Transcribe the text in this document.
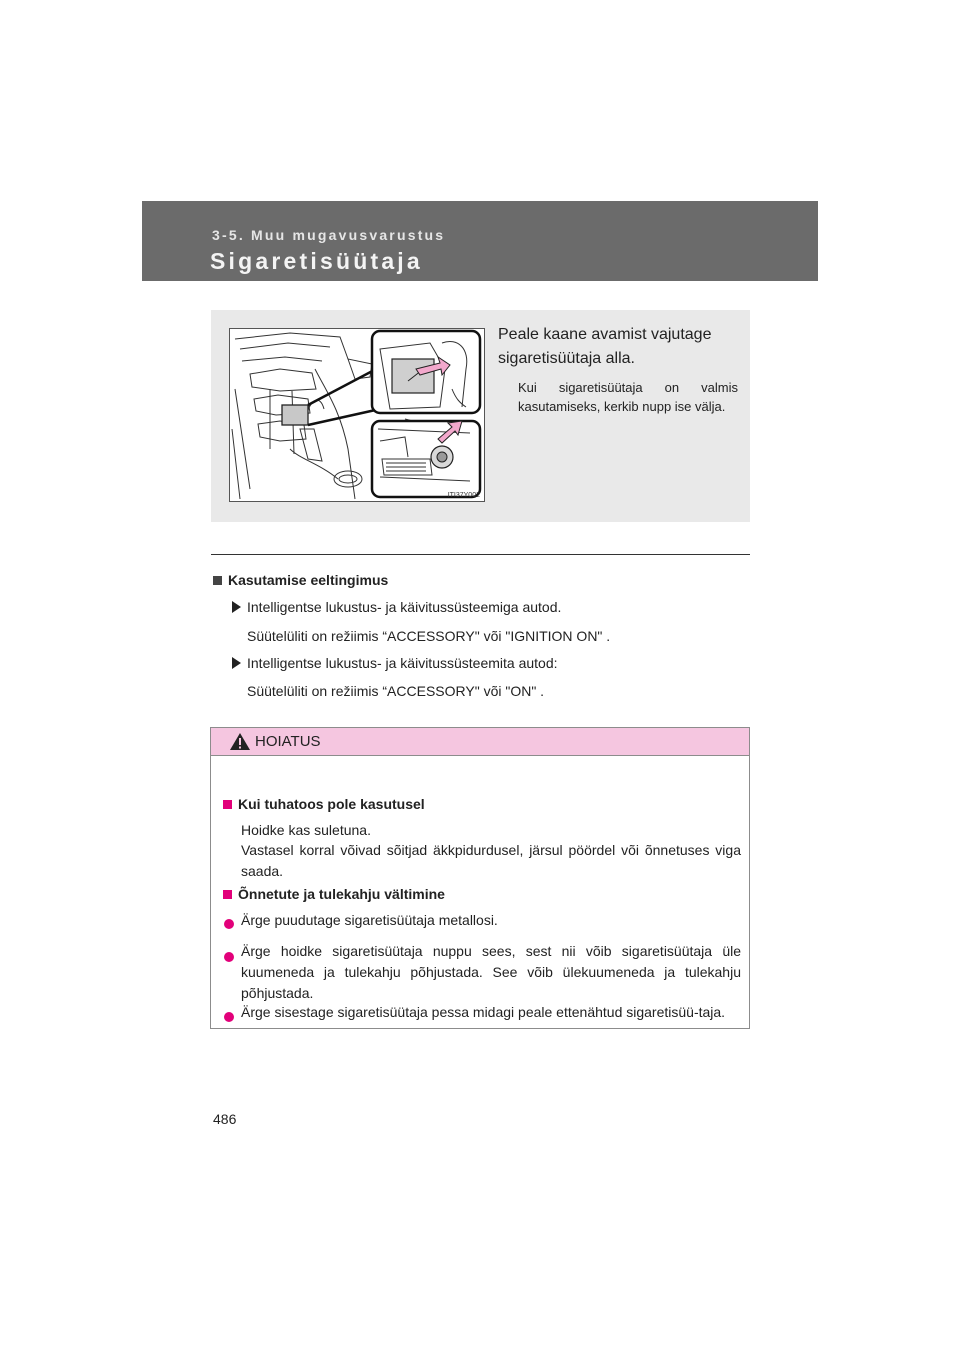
3-5. Muu mugavusvarustus
Sigaretisüütaja
ITI37Y002
Peale kaane avamist vajutage sigaretisüütaja alla.
Kui sigaretisüütaja on valmis kasutamiseks, kerkib nupp ise välja.
Kasutamise eeltingimus
Intelligentse lukustus- ja käivitussüsteemiga autod.
Süütelüliti on režiimis “ACCESSORY" või "IGNITION ON" .
Intelligentse lukustus- ja käivitussüsteemita autod:
Süütelüliti on režiimis “ACCESSORY" või "ON" .
HOIATUS
Kui tuhatoos pole kasutusel
Hoidke kas suletuna.
Vastasel korral võivad sõitjad äkkpidurdusel, järsul pöördel või õnnetuses viga saada.
Õnnetute ja tulekahju vältimine
Ärge puudutage sigaretisüütaja metallosi.
Ärge hoidke sigaretisüütaja nuppu sees, sest nii võib sigaretisüütaja üle kuumeneda ja tulekahju põhjustada. See võib ülekuumeneda ja tulekahju põhjustada.
Ärge sisestage sigaretisüütaja pessa midagi peale ettenähtud sigaretisüü-taja.
486
